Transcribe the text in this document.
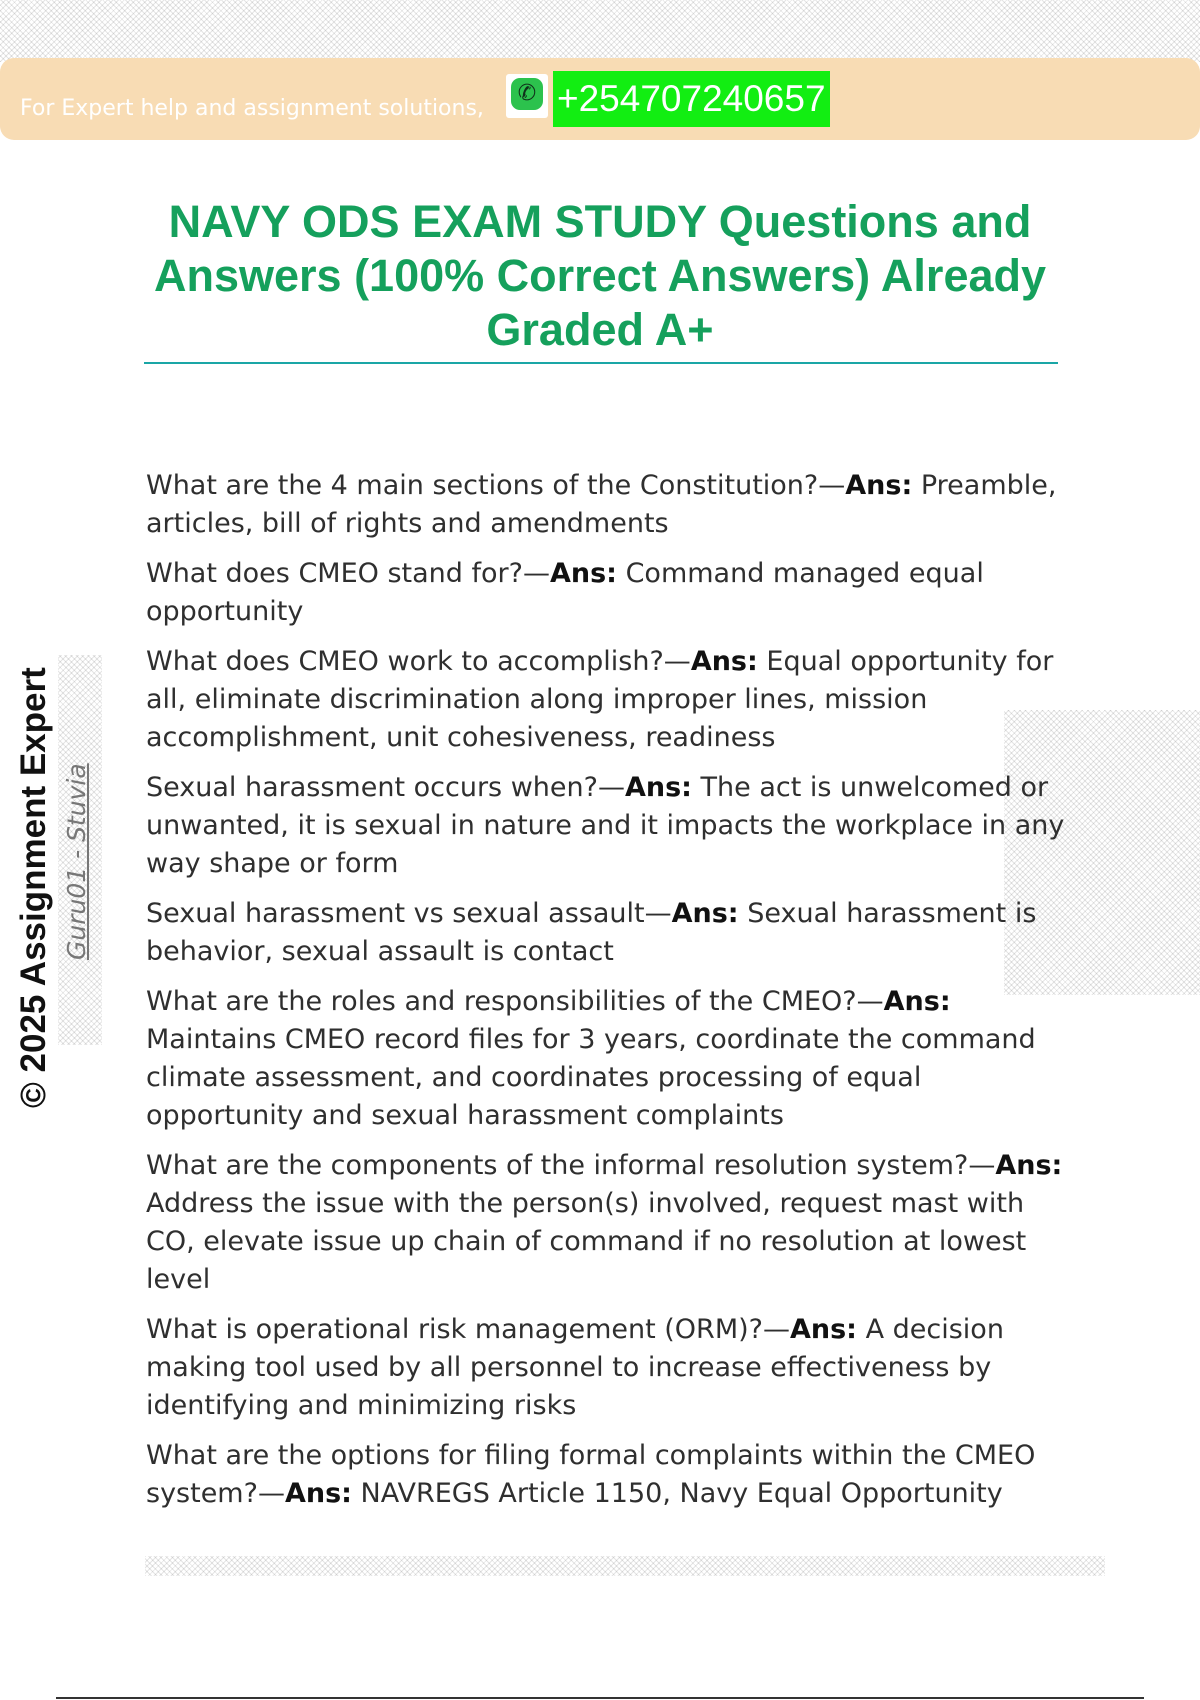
For Expert help and assignment solutions,
✆ +254707240657
NAVY ODS EXAM STUDY Questions and Answers (100% Correct Answers) Already Graded A+
© 2025 Assignment Expert Guru01 - Stuvia
What are the 4 main sections of the Constitution?—Ans: Preamble, articles, bill of rights and amendments
What does CMEO stand for?—Ans: Command managed equal opportunity
What does CMEO work to accomplish?—Ans: Equal opportunity for all, eliminate discrimination along improper lines, mission accomplishment, unit cohesiveness, readiness
Sexual harassment occurs when?—Ans: The act is unwelcomed or unwanted, it is sexual in nature and it impacts the workplace in any way shape or form
Sexual harassment vs sexual assault—Ans: Sexual harassment is behavior, sexual assault is contact
What are the roles and responsibilities of the CMEO?—Ans: Maintains CMEO record files for 3 years, coordinate the command climate assessment, and coordinates processing of equal opportunity and sexual harassment complaints
What are the components of the informal resolution system?—Ans: Address the issue with the person(s) involved, request mast with CO, elevate issue up chain of command if no resolution at lowest level
What is operational risk management (ORM)?—Ans: A decision making tool used by all personnel to increase effectiveness by identifying and minimizing risks
What are the options for filing formal complaints within the CMEO system?—Ans: NAVREGS Article 1150, Navy Equal Opportunity
